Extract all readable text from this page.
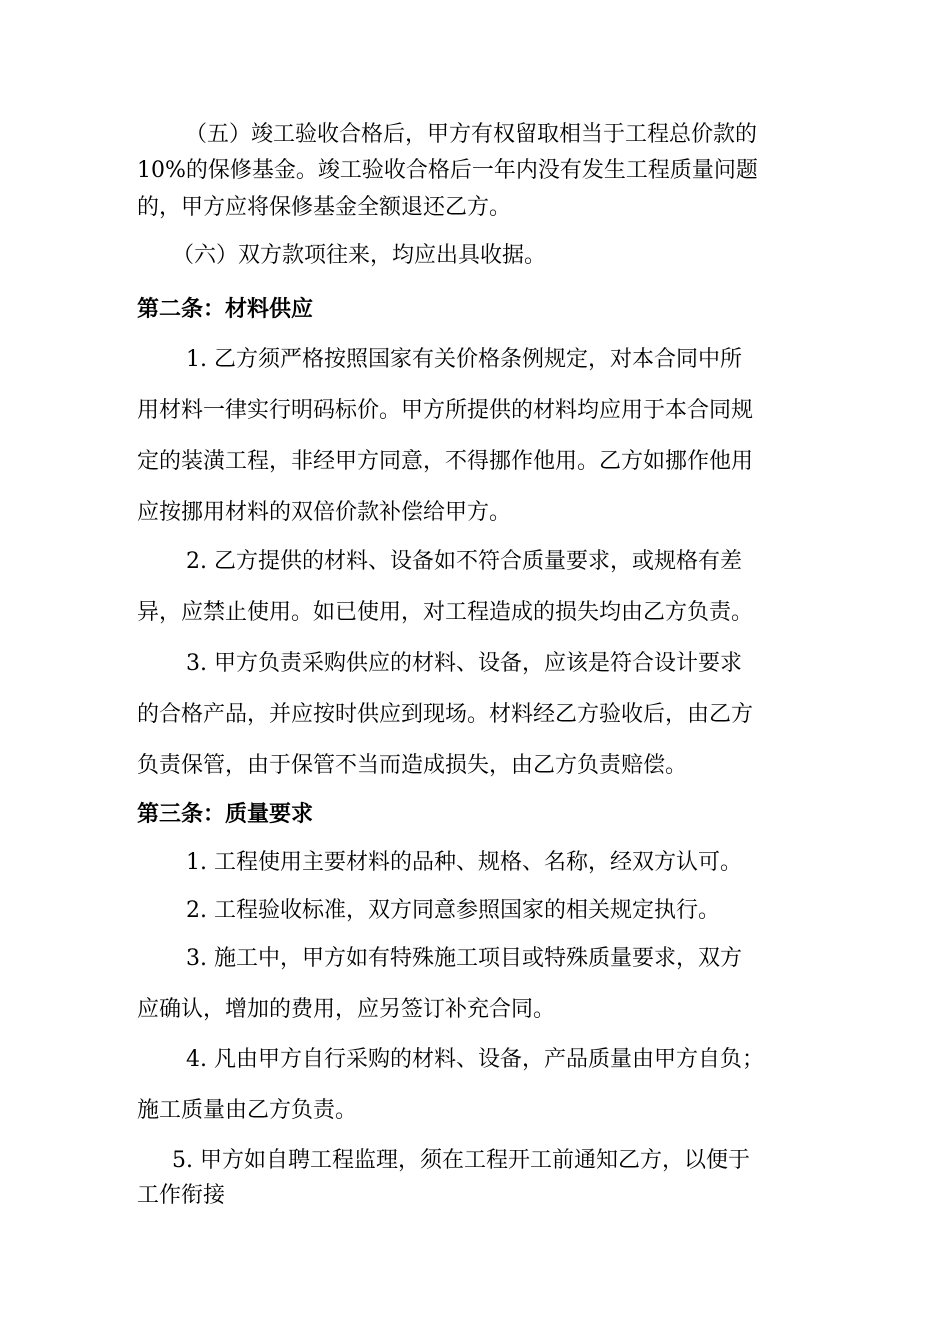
（五）竣工验收合格后，甲方有权留取相当于工程总价款的
10%的保修基金。竣工验收合格后一年内没有发生工程质量问题
的，甲方应将保修基金全额退还乙方。
（六）双方款项往来，均应出具收据。
第二条：材料供应
1. 乙方须严格按照国家有关价格条例规定，对本合同中所
用材料一律实行明码标价。甲方所提供的材料均应用于本合同规
定的装潢工程，非经甲方同意，不得挪作他用。乙方如挪作他用
应按挪用材料的双倍价款补偿给甲方。
2. 乙方提供的材料、设备如不符合质量要求，或规格有差
异，应禁止使用。如已使用，对工程造成的损失均由乙方负责。
3. 甲方负责采购供应的材料、设备，应该是符合设计要求
的合格产品，并应按时供应到现场。材料经乙方验收后，由乙方
负责保管，由于保管不当而造成损失，由乙方负责赔偿。
第三条：质量要求
1. 工程使用主要材料的品种、规格、名称，经双方认可。
2. 工程验收标准，双方同意参照国家的相关规定执行。
3. 施工中，甲方如有特殊施工项目或特殊质量要求，双方
应确认，增加的费用，应另签订补充合同。
4. 凡由甲方自行采购的材料、设备，产品质量由甲方自负；
施工质量由乙方负责。
5. 甲方如自聘工程监理，须在工程开工前通知乙方，以便于
工作衔接
